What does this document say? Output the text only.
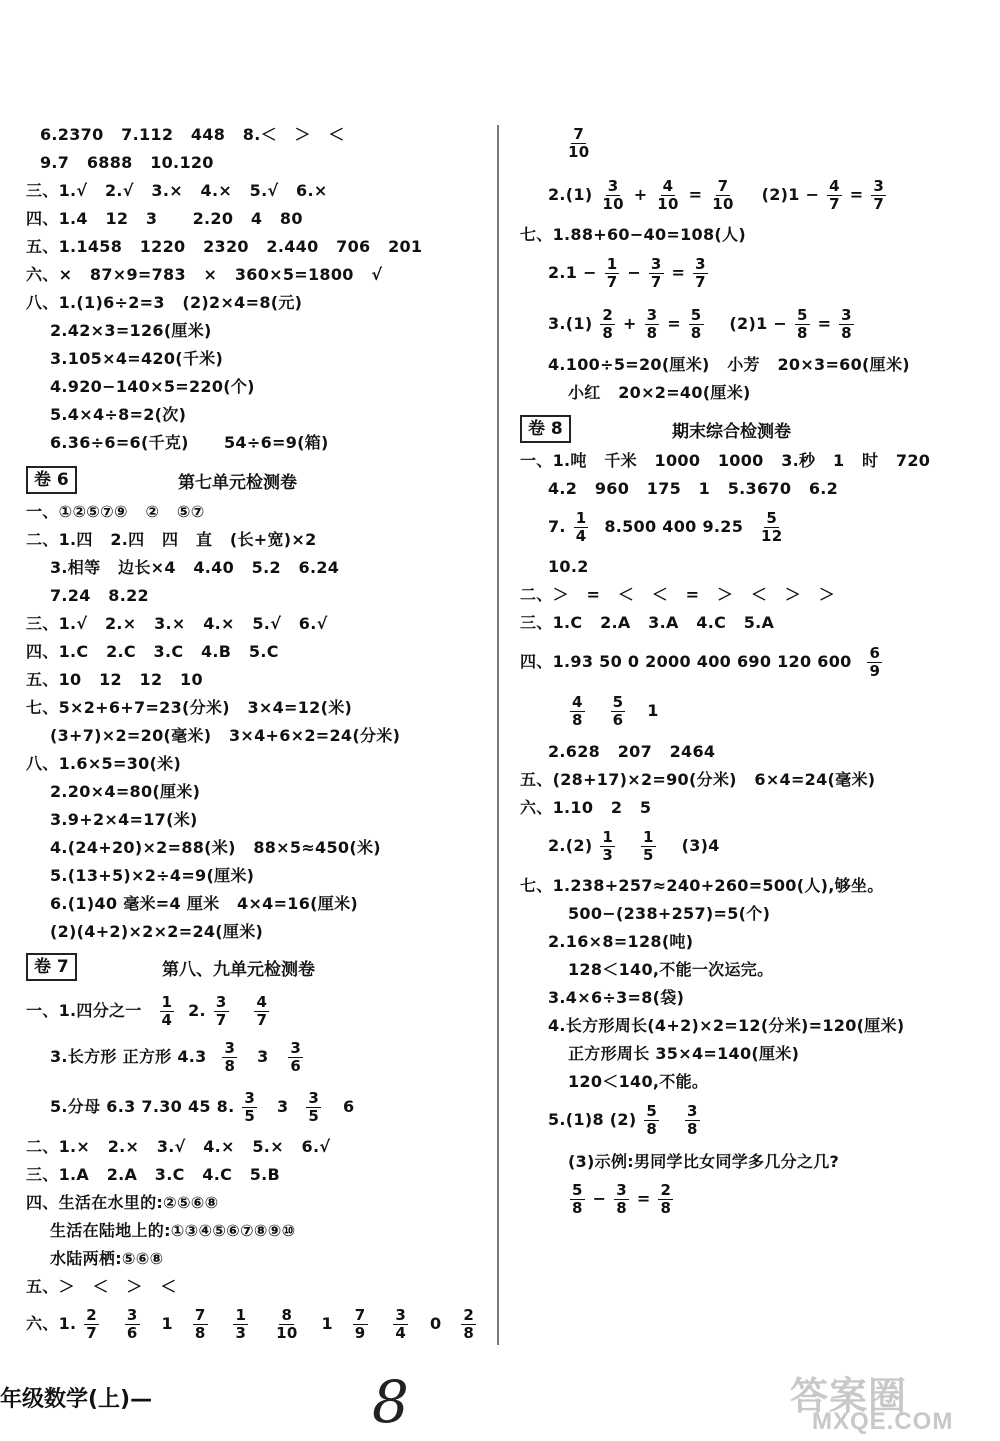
6.2370   7.112   448   8.＜   ＞   ＜
9.7   6888   10.120
三、1.√   2.√   3.×   4.×   5.√   6.×
四、1.4   12   3      2.20   4   80
五、1.1458   1220   2320   2.440   706   201
六、×   87×9=783   ×   360×5=1800   √
八、1.(1)6÷2=3   (2)2×4=8(元)
2.42×3=126(厘米)
3.105×4=420(千米)
4.920−140×5=220(个)
5.4×4÷8=2(次)
6.36÷6=6(千克)      54÷6=9(箱)
卷 6	第七单元检测卷
一、①②⑤⑦⑨   ②   ⑤⑦
二、1.四   2.四   四   直   (长+宽)×2
3.相等   边长×4   4.40   5.2   6.24
7.24   8.22
三、1.√   2.×   3.×   4.×   5.√   6.√
四、1.C   2.C   3.C   4.B   5.C
五、10   12   12   10
七、5×2+6+7=23(分米)   3×4=12(米)
(3+7)×2=20(毫米)   3×4+6×2=24(分米)
八、1.6×5=30(米)
2.20×4=80(厘米)
3.9+2×4=17(米)
4.(24+20)×2=88(米)   88×5≈450(米)
5.(13+5)×2÷4=9(厘米)
6.(1)40 毫米=4 厘米   4×4=16(厘米)
(2)(4+2)×2×2=24(厘米)
卷 7	第八、九单元检测卷
一、1.四分之一 $\frac{1}{4} 2$. $\frac{3}{7}$
$\frac{4}{7}$
3.长方形 正方形 $4.3 \frac{3}{8} 3 \frac{3}{6}$
5.分母 6.3 7.30 45 8. $\frac{3}{5} 3 \frac{3}{5} 6$
二、1.×   2.×   3.√   4.×   5.×   6.√
三、1.A   2.A   3.C   4.C   5.B
四、生活在水里的:②⑤⑥⑧
生活在陆地上的:①③④⑤⑥⑦⑧⑨⑩
水陆两栖:⑤⑥⑧
五、＞   ＜   ＞   ＜
六、1. $\frac{2}{7}$
$\frac{3}{6} 1 \frac{7}{8}$
$\frac{1}{3}$
$\frac{8}{10} 1 \frac{7}{9}$
$\frac{3}{4} 0 \frac{2}{8}$
$\frac{7}{10}$
$2.(1) \frac{3}{10} + \frac{4}{10} = \frac{7}{10} (2)1 - \frac{4}{7} = \frac{3}{7}$
七、1.88+60−40=108(人)
$2.1 - \frac{1}{7} - \frac{3}{7} = \frac{3}{7}$
$3.(1) \frac{2}{8} + \frac{3}{8} = \frac{5}{8} (2)1 - \frac{5}{8} = \frac{3}{8}$
4.100÷5=20(厘米)   小芳   20×3=60(厘米)
小红   20×2=40(厘米)
卷 8	期末综合检测卷
一、1.吨   千米   1000   1000   3.秒   1   时   720
4.2   960   175   1   5.3670   6.2
7. $\frac{1}{4} 8.500$ 400 $9.25 \frac{5}{12}$
10.2
二、＞   =   ＜   ＜   =   ＞   ＜   ＞   ＞
三、1.C   2.A   3.A   4.C   5.A
四、1.93 50 0 2000 400 690 120 $600 \frac{6}{9}$
$\frac{4}{8}$
$\frac{5}{6} 1$
2.628   207   2464
五、(28+17)×2=90(分米)   6×4=24(毫米)
六、1.10   2   5
$2.(2) \frac{1}{3}$
$\frac{1}{5} (3)4$
七、1.238+257≈240+260=500(人),够坐。
500−(238+257)=5(个)
2.16×8=128(吨)
128＜140,不能一次运完。
3.4×6÷3=8(袋)
4.长方形周长(4+2)×2=12(分米)=120(厘米)
正方形周长 35×4=140(厘米)
120＜140,不能。
5.(1)8 $(2) \frac{5}{8}$
$\frac{3}{8}$
(3)示例:男同学比女同学多几分之几?
$\frac{5}{8} - \frac{3}{8} = \frac{2}{8}$
年级数学(上)—	8	答案圈
MXQE.COM
